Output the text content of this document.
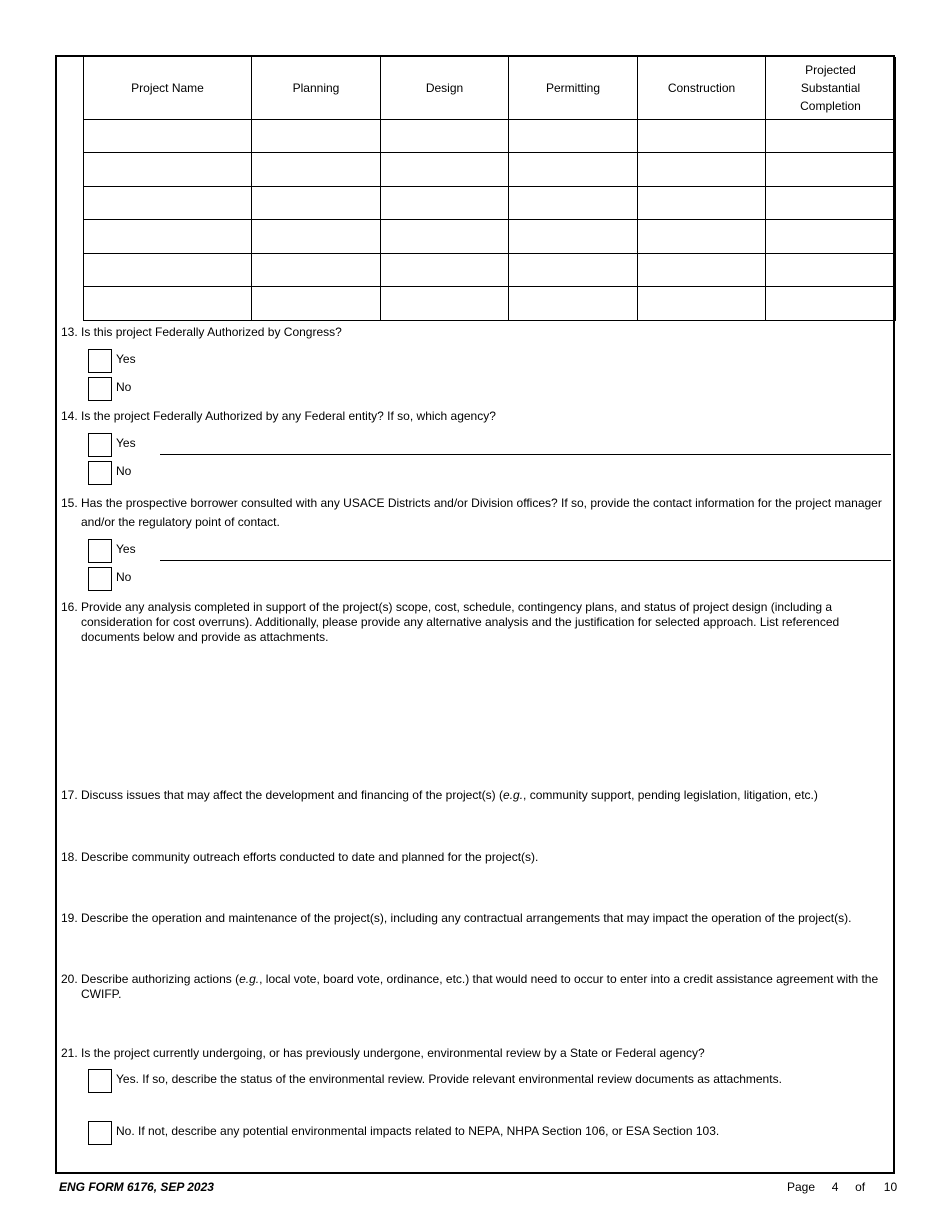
Project Name	Planning	Design	Permitting	Construction	Projected
Substantial
Completion

13. Is this project Federally Authorized by Congress?
Yes
No
14. Is the project Federally Authorized by any Federal entity? If so, which agency?
Yes
No
15. Has the prospective borrower consulted with any USACE Districts and/or Division offices? If so, provide the contact information for the project manager and/or the regulatory point of contact.
Yes
No
16. Provide any analysis completed in support of the project(s) scope, cost, schedule, contingency plans, and status of project design (including a consideration for cost overruns). Additionally, please provide any alternative analysis and the justification for selected approach. List referenced documents below and provide as attachments.
17. Discuss issues that may affect the development and financing of the project(s) (e.g., community support, pending legislation, litigation, etc.)
18. Describe community outreach efforts conducted to date and planned for the project(s).
19. Describe the operation and maintenance of the project(s), including any contractual arrangements that may impact the operation of the project(s).
20. Describe authorizing actions (e.g., local vote, board vote, ordinance, etc.) that would need to occur to enter into a credit assistance agreement with the CWIFP.
21. Is the project currently undergoing, or has previously undergone, environmental review by a State or Federal agency?
Yes. If so, describe the status of the environmental review. Provide relevant environmental review documents as attachments.
No. If not, describe any potential environmental impacts related to NEPA, NHPA Section 106, or ESA Section 103.
ENG FORM 6176, SEP 2023	Page 4 of 10
